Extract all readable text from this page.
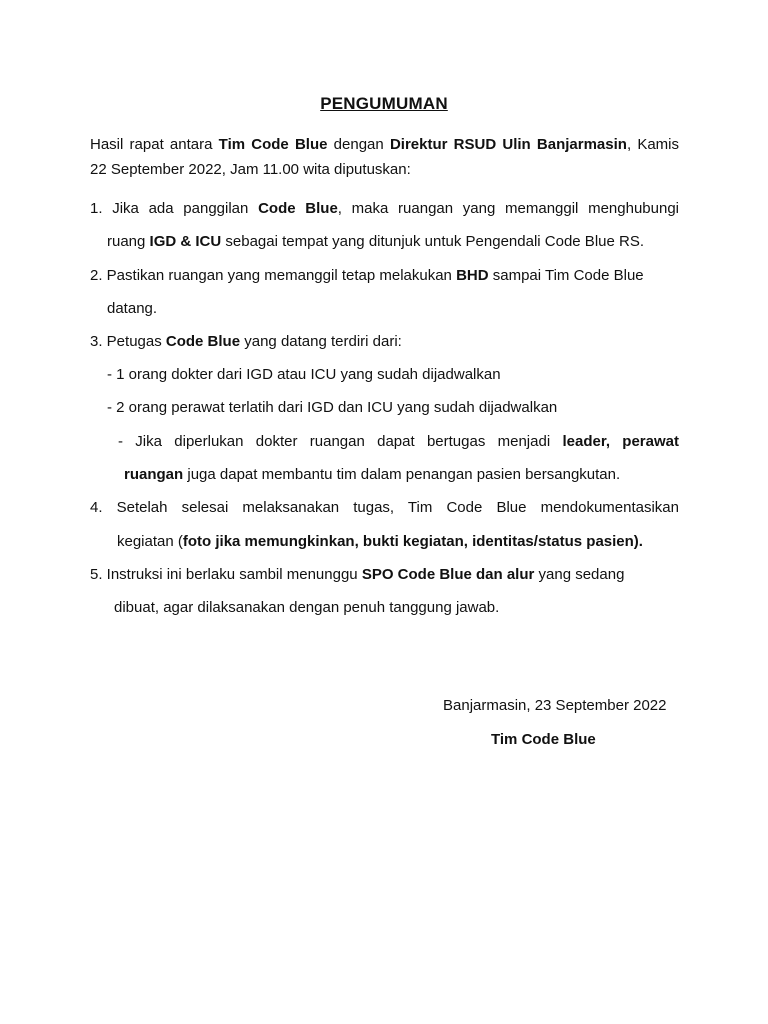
PENGUMUMAN
Hasil rapat antara Tim Code Blue dengan Direktur RSUD Ulin Banjarmasin, Kamis
22 September 2022, Jam 11.00 wita diputuskan:
1. Jika ada panggilan Code Blue, maka ruangan yang memanggil menghubungi
ruang IGD & ICU sebagai tempat yang ditunjuk untuk Pengendali Code Blue RS.
2. Pastikan ruangan yang memanggil tetap melakukan BHD sampai Tim Code Blue
datang.
3. Petugas Code Blue yang datang terdiri dari:
- 1 orang dokter dari IGD atau ICU yang sudah dijadwalkan
- 2 orang perawat terlatih dari IGD dan ICU yang sudah dijadwalkan
- Jika diperlukan dokter ruangan dapat bertugas menjadi leader, perawat
ruangan juga dapat membantu tim dalam penangan pasien bersangkutan.
4. Setelah selesai melaksanakan tugas, Tim Code Blue mendokumentasikan
kegiatan (foto jika memungkinkan, bukti kegiatan, identitas/status pasien).
5. Instruksi ini berlaku sambil menunggu SPO Code Blue dan alur yang sedang
dibuat, agar dilaksanakan dengan penuh tanggung jawab.
Banjarmasin, 23 September 2022
Tim Code Blue
